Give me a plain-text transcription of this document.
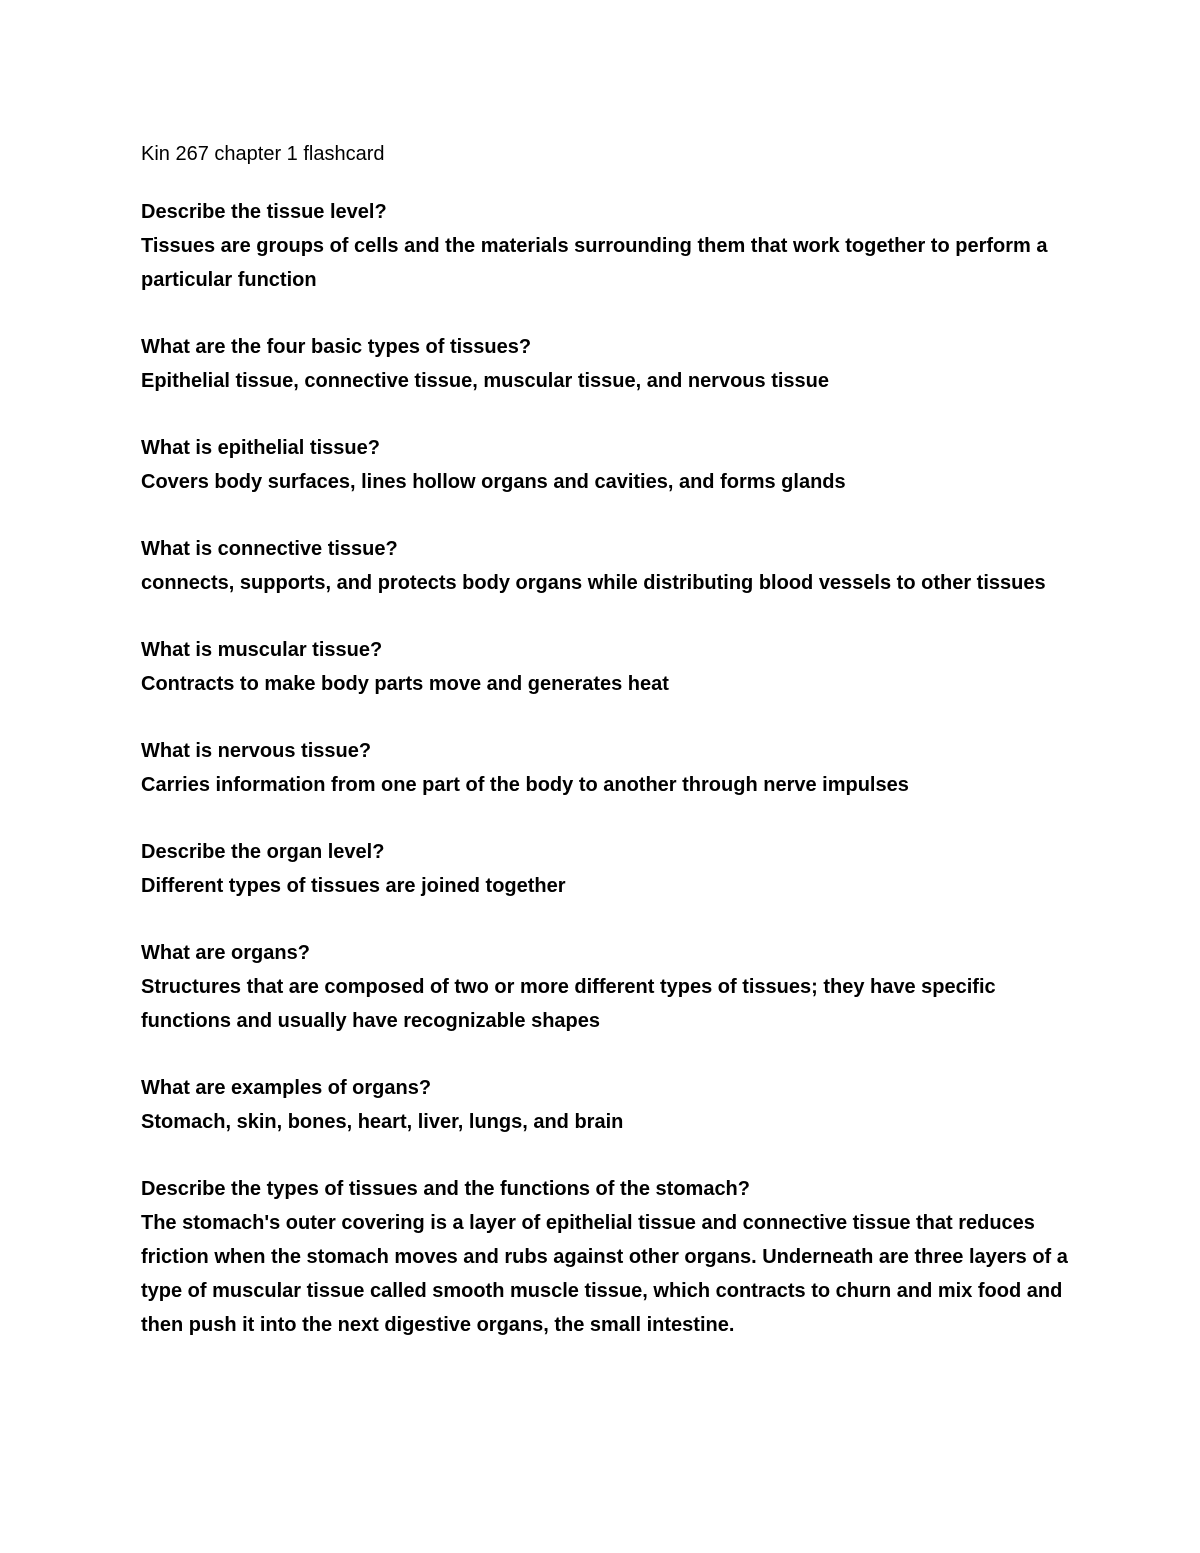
Kin 267 chapter 1 flashcard

Describe the tissue level?

Tissues are groups of cells and the materials surrounding them that work together to perform a particular function

What are the four basic types of tissues?

Epithelial tissue, connective tissue, muscular tissue, and nervous tissue

What is epithelial tissue?

Covers body surfaces, lines hollow organs and cavities, and forms glands

What is connective tissue?

connects, supports, and protects body organs while distributing blood vessels to other tissues

What is muscular tissue?

Contracts to make body parts move and generates heat

What is nervous tissue?

Carries information from one part of the body to another through nerve impulses

Describe the organ level?

Different types of tissues are joined together

What are organs?

Structures that are composed of two or more different types of tissues; they have specific functions and usually have recognizable shapes

What are examples of organs?

Stomach, skin, bones, heart, liver, lungs, and brain

Describe the types of tissues and the functions of the stomach?

The stomach's outer covering is a layer of epithelial tissue and connective tissue that reduces friction when the stomach moves and rubs against other organs. Underneath are three layers of a type of muscular tissue called smooth muscle tissue, which contracts to churn and mix food and then push it into the next digestive organs, the small intestine.
